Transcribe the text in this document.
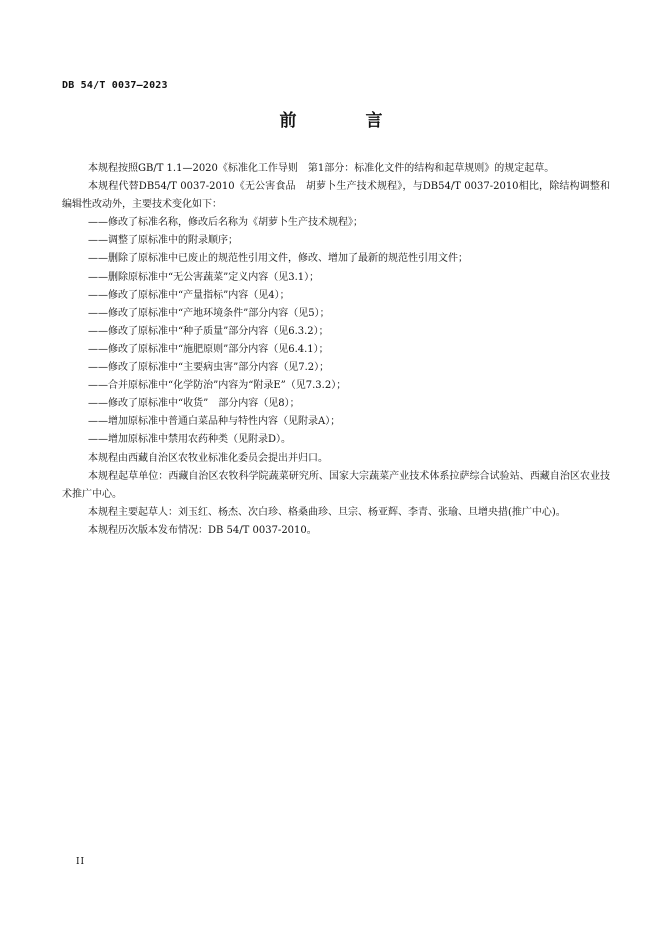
DB 54/T 0037—2023
前　言

本规程按照GB/T 1.1—2020《标准化工作导则　第1部分：标准化文件的结构和起草规则》的规定起草。

本规程代替DB54/T 0037-2010《无公害食品　胡萝卜生产技术规程》，与DB54/T 0037-2010相比，除结构调整和编辑性改动外，主要技术变化如下：

——修改了标准名称，修改后名称为《胡萝卜生产技术规程》；

——调整了原标准中的附录顺序；

——删除了原标准中已废止的规范性引用文件，修改、增加了最新的规范性引用文件；

——删除原标准中“无公害蔬菜”定义内容（见3.1）；

——修改了原标准中“产量指标”内容（见4）；

——修改了原标准中“产地环境条件”部分内容（见5）；

——修改了原标准中“种子质量”部分内容（见6.3.2）；

——修改了原标准中“施肥原则”部分内容（见6.4.1）；

——修改了原标准中“主要病虫害”部分内容（见7.2）；

——合并原标准中“化学防治”内容为“附录E”（见7.3.2）；

——修改了原标准中“收货”　部分内容（见8）；

——增加原标准中普通白菜品种与特性内容（见附录A）；

——增加原标准中禁用农药种类（见附录D）。

本规程由西藏自治区农牧业标准化委员会提出并归口。

本规程起草单位：西藏自治区农牧科学院蔬菜研究所、国家大宗蔬菜产业技术体系拉萨综合试验站、西藏自治区农业技术推广中心。

本规程主要起草人：刘玉红、杨杰、次白珍、格桑曲珍、旦宗、杨亚辉、李青、张瑜、旦增央措(推广中心)。

本规程历次版本发布情况：DB 54/T 0037-2010。

II
